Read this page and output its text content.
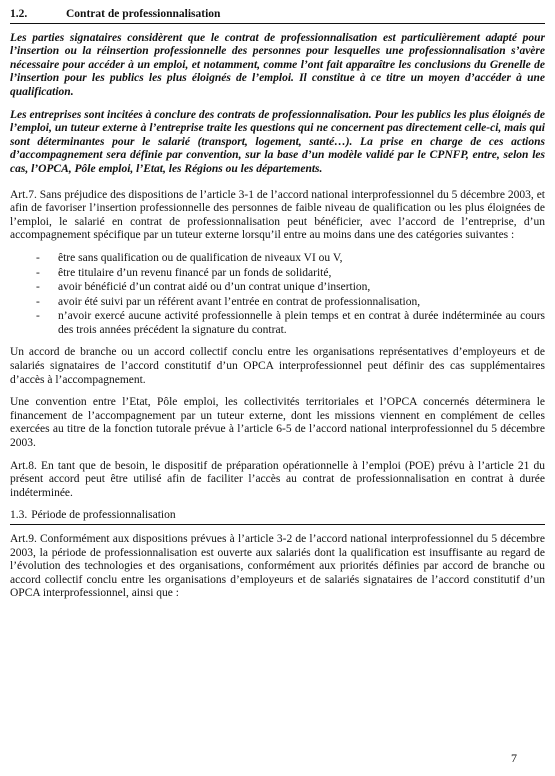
1.2.	Contrat de professionnalisation

Les parties signataires considèrent que le contrat de professionnalisation est particulièrement adapté pour l’insertion ou la réinsertion professionnelle des personnes pour lesquelles une professionnalisation s’avère nécessaire pour accéder à un emploi, et notamment, comme l’ont fait apparaître les conclusions du Grenelle de l’insertion pour les publics les plus éloignés de l’emploi. Il constitue à ce titre un moyen d’accéder à une qualification.

Les entreprises sont incitées à conclure des contrats de professionnalisation. Pour les publics les plus éloignés de l’emploi, un tuteur externe à l’entreprise traite les questions qui ne concernent pas directement celle-ci, mais qui sont déterminantes pour le salarié (transport, logement, santé…). La prise en charge de ces actions d’accompagnement sera définie par convention, sur la base d’un modèle validé par le CPNFP, entre, selon les cas, l’OPCA, Pôle emploi, l’Etat, les Régions ou les départements.

Art.7. Sans préjudice des dispositions de l’article 3-1 de l’accord national interprofessionnel du 5 décembre 2003, et afin de favoriser l’insertion professionnelle des personnes de faible niveau de qualification ou les plus éloignées de l’emploi, le salarié en contrat de professionnalisation peut bénéficier, avec l’accord de l’entreprise, d’un accompagnement spécifique par un tuteur externe lorsqu’il entre au moins dans une des catégories suivantes :

- être sans qualification ou de qualification de niveaux VI ou V,
- être titulaire d’un revenu financé par un fonds de solidarité,
- avoir bénéficié d’un contrat aidé ou d’un contrat unique d’insertion,
- avoir été suivi par un référent avant l’entrée en contrat de professionnalisation,
- n’avoir exercé aucune activité professionnelle à plein temps et en contrat à durée indéterminée au cours des trois années précédent la signature du contrat.

Un accord de branche ou un accord collectif conclu entre les organisations représentatives d’employeurs et de salariés signataires de l’accord constitutif d’un OPCA interprofessionnel peut définir des cas supplémentaires d’accès à l’accompagnement.

Une convention entre l’Etat, Pôle emploi, les collectivités territoriales et l’OPCA concernés déterminera le financement de l’accompagnement par un tuteur externe, dont les missions viennent en complément de celles exercées au titre de la fonction tutorale prévue à l’article 6-5 de l’accord national interprofessionnel du 5 décembre 2003.

Art.8. En tant que de besoin, le dispositif de préparation opérationnelle à l’emploi (POE) prévu à l’article 21 du présent accord peut être utilisé afin de faciliter l’accès au contrat de professionnalisation en contrat à durée indéterminée.

1.3. Période de professionnalisation

Art.9. Conformément aux dispositions prévues à l’article 3-2 de l’accord national interprofessionnel du 5 décembre 2003, la période de professionnalisation est ouverte aux salariés dont la qualification est insuffisante au regard de l’évolution des technologies et des organisations, conformément aux priorités définies par accord de branche ou accord collectif conclu entre les organisations d’employeurs et de salariés signataires de l’accord constitutif d’un OPCA interprofessionnel, ainsi que :

7
